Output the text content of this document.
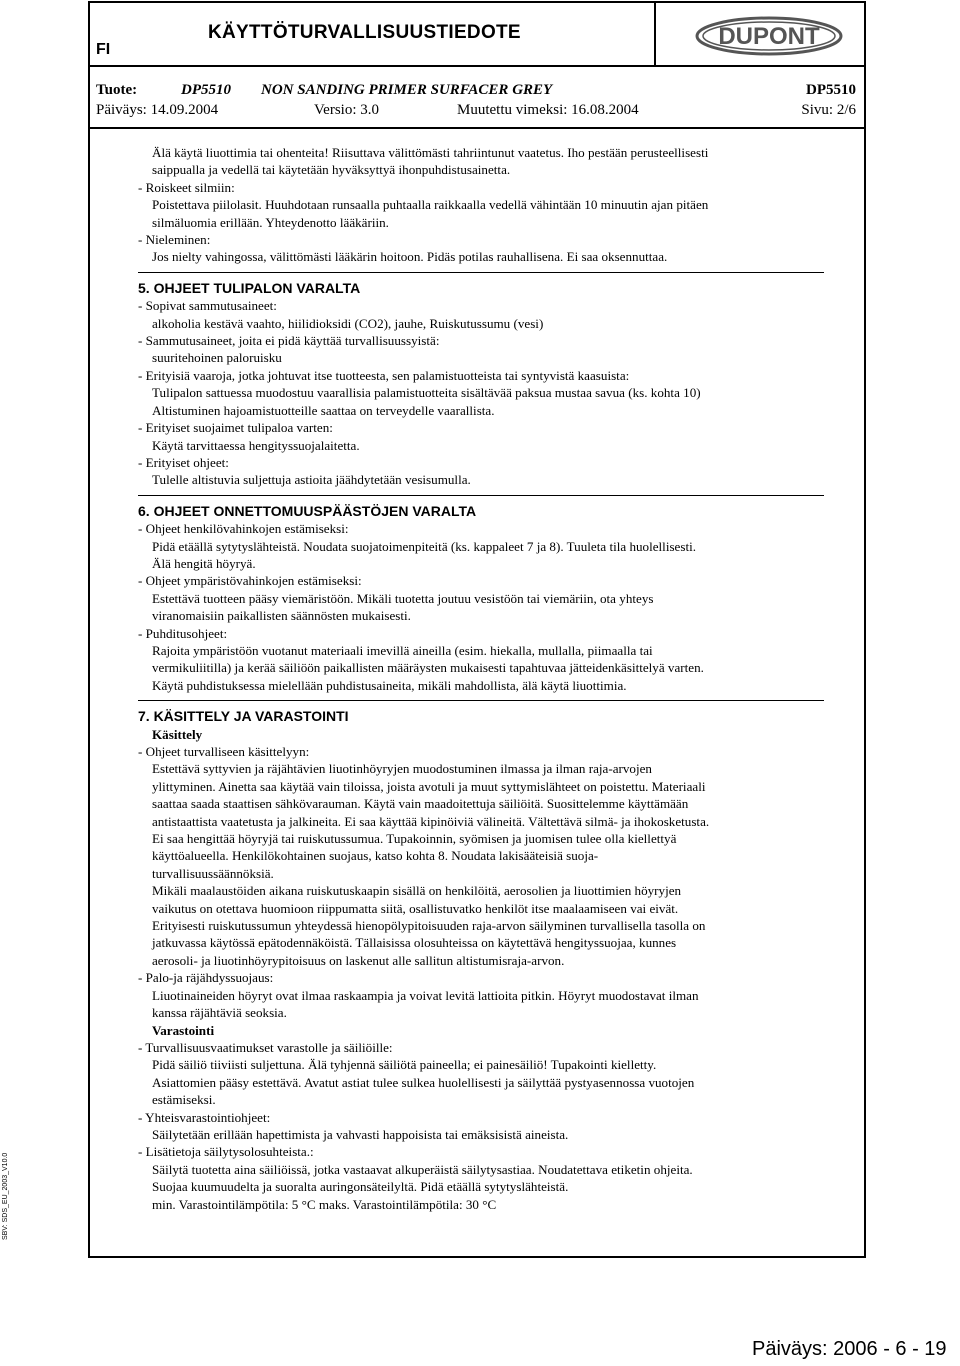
KÄYTTÖTURVALLISUUSTIEDOTE
FI	DUPONT
Tuote:	DP5510 NON SANDING PRIMER SURFACER GREY	DP5510
Päiväys: 14.09.2004	Versio: 3.0	Muutettu vimeksi: 16.08.2004	Sivu: 2/6

Älä käytä liuottimia tai ohenteita! Riisuttava välittömästi tahriintunut vaatetus. Iho pestään perusteellisesti

saippualla ja vedellä tai käytetään hyväksyttyä ihonpuhdistusainetta.

- Roiskeet silmiin:

Poistettava piilolasit. Huuhdotaan runsaalla puhtaalla raikkaalla vedellä vähintään 10 minuutin ajan pitäen

silmäluomia erillään. Yhteydenotto lääkäriin.

- Nieleminen:

Jos nielty vahingossa, välittömästi lääkärin hoitoon. Pidäs potilas rauhallisena. Ei saa oksennuttaa.

5. OHJEET TULIPALON VARALTA

- Sopivat sammutusaineet:

alkoholia kestävä vaahto, hiilidioksidi (CO2), jauhe, Ruiskutussumu (vesi)

- Sammutusaineet, joita ei pidä käyttää turvallisuussyistä:

suuritehoinen paloruisku

- Erityisiä vaaroja, jotka johtuvat itse tuotteesta, sen palamistuotteista tai syntyvistä kaasuista:

Tulipalon sattuessa muodostuu vaarallisia palamistuotteita sisältävää paksua mustaa savua (ks. kohta 10)

Altistuminen hajoamistuotteille saattaa on terveydelle vaarallista.

- Erityiset suojaimet tulipaloa varten:

Käytä tarvittaessa hengityssuojalaitetta.

- Erityiset ohjeet:

Tulelle altistuvia suljettuja astioita jäähdytetään vesisumulla.

6. OHJEET ONNETTOMUUSPÄÄSTÖJEN VARALTA

- Ohjeet henkilövahinkojen estämiseksi:

Pidä etäällä sytytyslähteistä. Noudata suojatoimenpiteitä (ks. kappaleet 7 ja 8). Tuuleta tila huolellisesti.

Älä hengitä höyryä.

- Ohjeet ympäristövahinkojen estämiseksi:

Estettävä tuotteen pääsy viemäristöön. Mikäli tuotetta joutuu vesistöön tai viemäriin, ota yhteys

viranomaisiin paikallisten säännösten mukaisesti.

- Puhditusohjeet:

Rajoita ympäristöön vuotanut materiaali imevillä aineilla (esim. hiekalla, mullalla, piimaalla tai

vermikuliitilla) ja kerää säiliöön paikallisten määräysten mukaisesti tapahtuvaa jätteidenkäsittelyä varten.

Käytä puhdistuksessa mielellään puhdistusaineita, mikäli mahdollista, älä käytä liuottimia.

7. KÄSITTELY JA VARASTOINTI

Käsittely

- Ohjeet turvalliseen käsittelyyn:

Estettävä syttyvien ja räjähtävien liuotinhöyryjen muodostuminen ilmassa ja ilman raja-arvojen

ylittyminen. Ainetta saa käytää vain tiloissa, joista avotuli ja muut syttymislähteet on poistettu. Materiaali

saattaa saada staattisen sähkövarauman. Käytä vain maadoitettuja säiliöitä. Suosittelemme käyttämään

antistaattista vaatetusta ja jalkineita. Ei saa käyttää kipinöiviä välineitä. Vältettävä silmä- ja ihokosketusta.

Ei saa hengittää höyryjä tai ruiskutussumua. Tupakoinnin, syömisen ja juomisen tulee olla kiellettyä

käyttöalueella. Henkilökohtainen suojaus, katso kohta 8. Noudata lakisääteisiä suoja-

turvallisuussäännöksiä.

Mikäli maalaustöiden aikana ruiskutuskaapin sisällä on henkilöitä, aerosolien ja liuottimien höyryjen

vaikutus on otettava huomioon riippumatta siitä, osallistuvatko henkilöt itse maalaamiseen vai eivät.

Erityisesti ruiskutussumun yhteydessä hienopölypitoisuuden raja-arvon säilyminen turvallisella tasolla on

jatkuvassa käytössä epätodennäköistä. Tällaisissa olosuhteissa on käytettävä hengityssuojaa, kunnes

aerosoli- ja liuotinhöyrypitoisuus on laskenut alle sallitun altistumisraja-arvon.

- Palo-ja räjähdyssuojaus:

Liuotinaineiden höyryt ovat ilmaa raskaampia ja voivat levitä lattioita pitkin. Höyryt muodostavat ilman

kanssa räjähtäviä seoksia.

Varastointi

- Turvallisuusvaatimukset varastolle ja säiliöille:

Pidä säiliö tiiviisti suljettuna. Älä tyhjennä säiliötä paineella; ei painesäiliö! Tupakointi kielletty.

Asiattomien pääsy estettävä. Avatut astiat tulee sulkea huolellisesti ja säilyttää pystyasennossa vuotojen

estämiseksi.

- Yhteisvarastointiohjeet:

Säilytetään erillään hapettimista ja vahvasti happoisista tai emäksisistä aineista.

- Lisätietoja säilytysolosuhteista.:

Säilytä tuotetta aina säiliöissä, jotka vastaavat alkuperäistä säilytysastiaa. Noudatettava etiketin ohjeita.

Suojaa kuumuudelta ja suoralta auringonsäteilyltä. Pidä etäällä sytytyslähteistä.

min. Varastointilämpötila: 5 °C maks. Varastointilämpötila: 30 °C

SBV: SDS_EU_2003_V10.0
Päiväys: 2006 - 6 - 19
